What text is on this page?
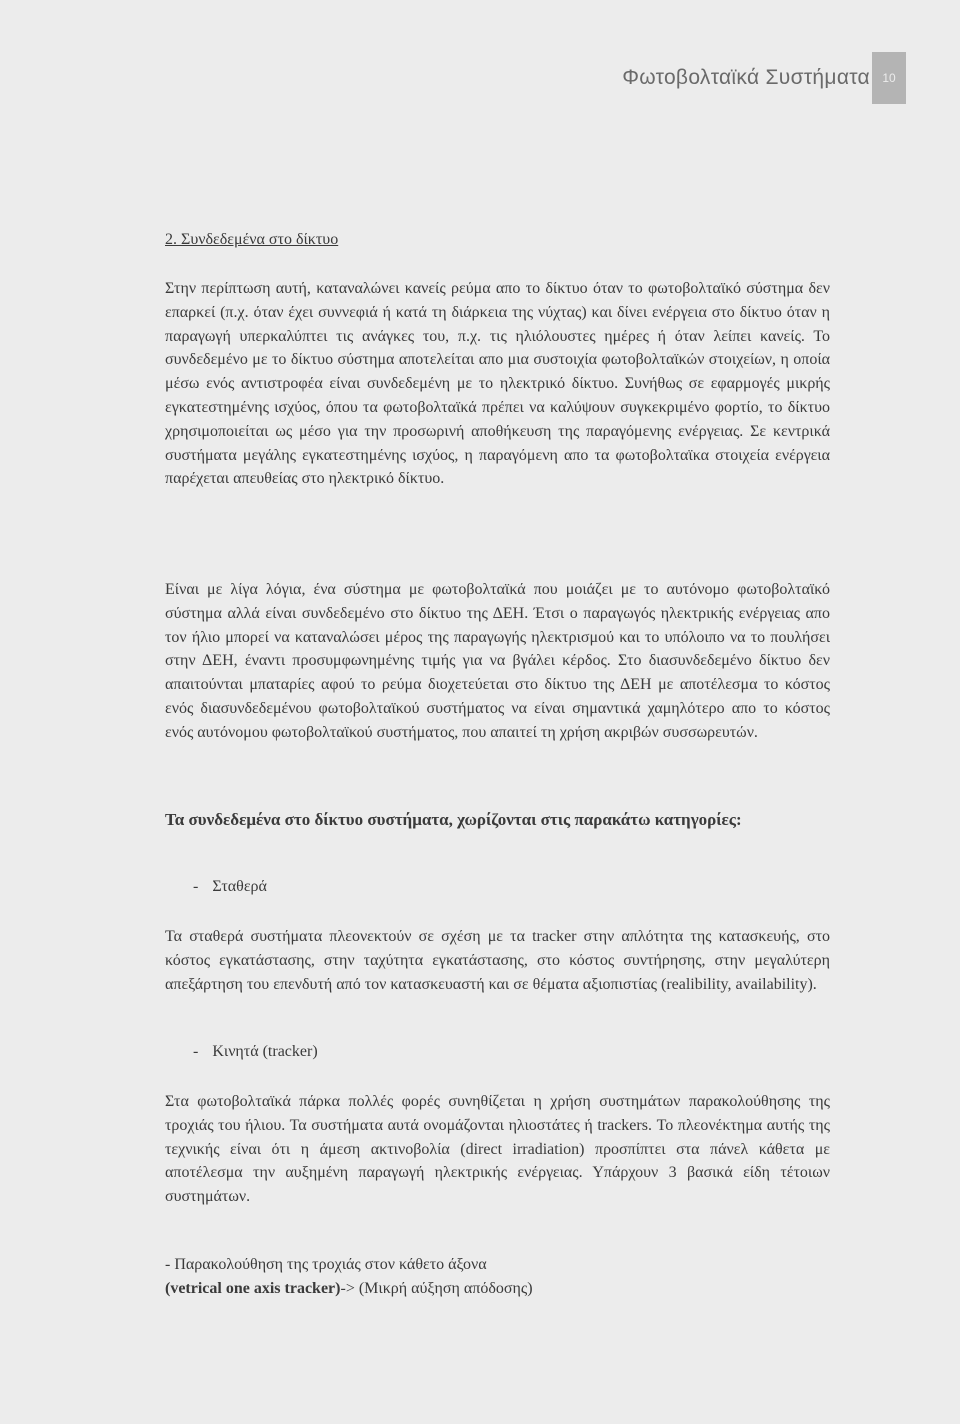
Φωτοβολταϊκά Συστήματα	10
2. Συνδεδεμένα στο δίκτυο
Στην περίπτωση αυτή, καταναλώνει κανείς ρεύμα απο το δίκτυο όταν το φωτοβολταϊκό σύστημα δεν επαρκεί (π.χ. όταν έχει συννεφιά ή κατά τη διάρκεια της νύχτας) και δίνει ενέργεια στο δίκτυο όταν η παραγωγή υπερκαλύπτει τις ανάγκες του, π.χ. τις ηλιόλουστες ημέρες ή όταν λείπει κανείς. Το συνδεδεμένο με το δίκτυο σύστημα αποτελείται απο μια συστοιχία φωτοβολταϊκών στοιχείων, η οποία μέσω ενός αντιστροφέα είναι συνδεδεμένη με το ηλεκτρικό δίκτυο. Συνήθως σε εφαρμογές μικρής εγκατεστημένης ισχύος, όπου τα φωτοβολταϊκά πρέπει να καλύψουν συγκεκριμένο φορτίο, το δίκτυο χρησιμοποιείται ως μέσο για την προσωρινή αποθήκευση της παραγόμενης ενέργειας. Σε κεντρικά συστήματα μεγάλης εγκατεστημένης ισχύος, η παραγόμενη απο τα φωτοβολταϊκα στοιχεία ενέργεια παρέχεται απευθείας στο ηλεκτρικό δίκτυο.
Είναι με λίγα λόγια, ένα σύστημα με φωτοβολταϊκά που μοιάζει με το αυτόνομο φωτοβολταϊκό σύστημα αλλά είναι συνδεδεμένο στο δίκτυο της ΔΕΗ. Έτσι ο παραγωγός ηλεκτρικής ενέργειας απο τον ήλιο μπορεί να καταναλώσει μέρος της παραγωγής ηλεκτρισμού και το υπόλοιπο να το πουλήσει στην ΔΕΗ, έναντι προσυμφωνημένης τιμής για να βγάλει κέρδος. Στο διασυνδεδεμένο δίκτυο δεν απαιτούνται μπαταρίες αφού το ρεύμα διοχετεύεται στο δίκτυο της ΔΕΗ με αποτέλεσμα το κόστος ενός διασυνδεδεμένου φωτοβολταϊκού συστήματος να είναι σημαντικά χαμηλότερο απο το κόστος ενός αυτόνομου φωτοβολταϊκού συστήματος, που απαιτεί τη χρήση ακριβών συσσωρευτών.
Τα συνδεδεμένα στο δίκτυο συστήματα, χωρίζονται στις παρακάτω κατηγορίες:
- Σταθερά
Τα σταθερά συστήματα πλεονεκτούν σε σχέση με τα tracker στην απλότητα της κατασκευής, στο κόστος εγκατάστασης, στην ταχύτητα εγκατάστασης, στο κόστος συντήρησης, στην μεγαλύτερη απεξάρτηση του επενδυτή από τον κατασκευαστή και σε θέματα αξιοπιστίας (realibility, availability).
- Κινητά (tracker)
Στα φωτοβολταϊκά πάρκα πολλές φορές συνηθίζεται η χρήση συστημάτων παρακολούθησης της τροχιάς του ήλιου. Τα συστήματα αυτά ονομάζονται ηλιοστάτες ή trackers. Το πλεονέκτημα αυτής της τεχνικής είναι ότι η άμεση ακτινοβολία (direct irradiation) προσπίπτει στα πάνελ κάθετα με αποτέλεσμα την αυξημένη παραγωγή ηλεκτρικής ενέργειας. Υπάρχουν 3 βασικά είδη τέτοιων συστημάτων.
- Παρακολούθηση της τροχιάς στον κάθετο άξονα
(vetrical one axis tracker)-> (Μικρή αύξηση απόδοσης)
